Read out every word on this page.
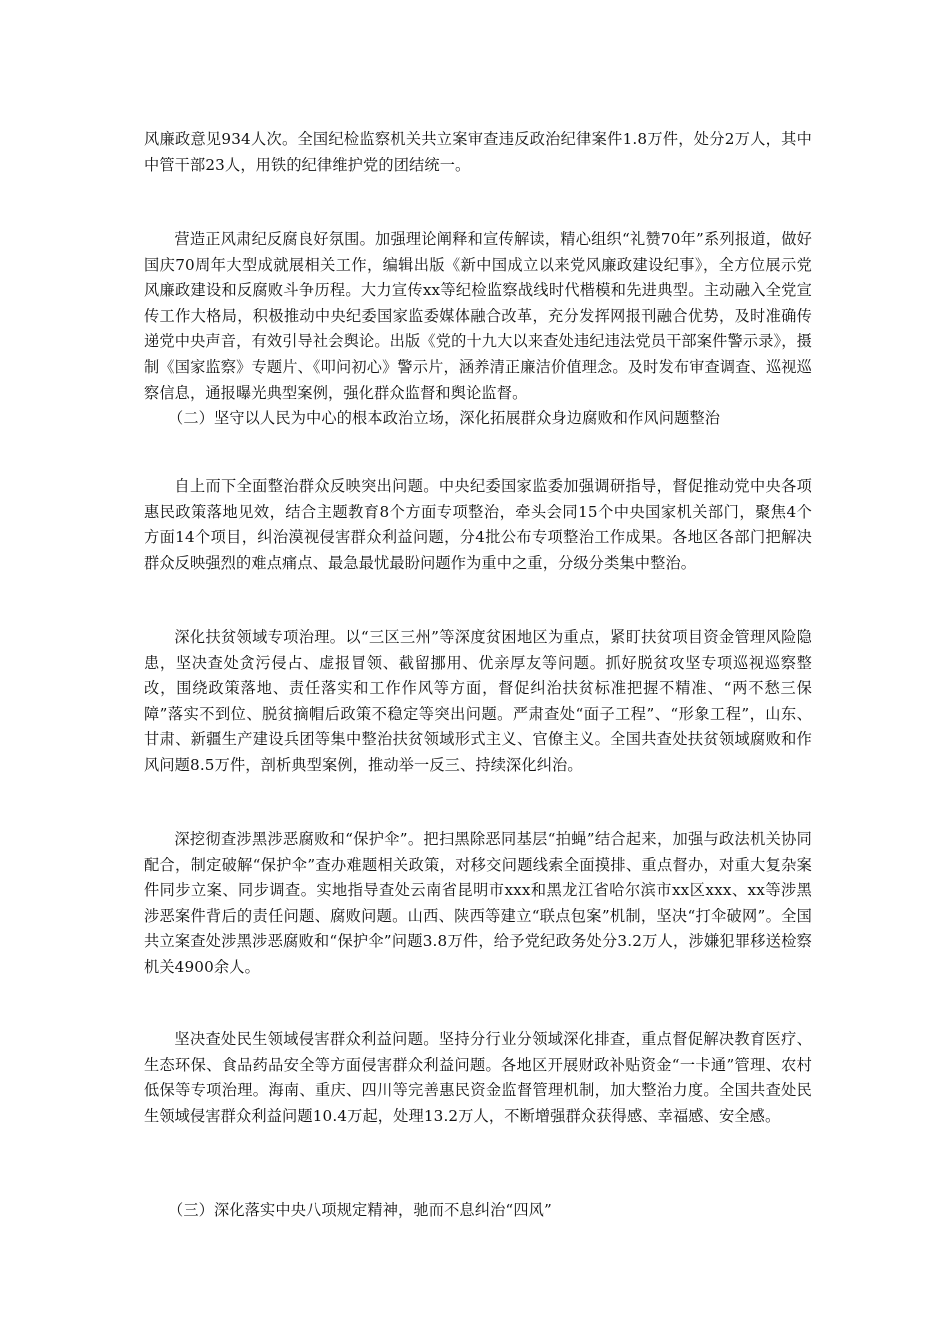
风廉政意见934人次。全国纪检监察机关共立案审查违反政治纪律案件1.8万件，处分2万人，其中中管干部23人，用铁的纪律维护党的团结统一。

营造正风肃纪反腐良好氛围。加强理论阐释和宣传解读，精心组织“礼赞70年”系列报道，做好国庆70周年大型成就展相关工作，编辑出版《新中国成立以来党风廉政建设纪事》，全方位展示党风廉政建设和反腐败斗争历程。大力宣传xx等纪检监察战线时代楷模和先进典型。主动融入全党宣传工作大格局，积极推动中央纪委国家监委媒体融合改革，充分发挥网报刊融合优势，及时准确传递党中央声音，有效引导社会舆论。出版《党的十九大以来查处违纪违法党员干部案件警示录》，摄制《国家监察》专题片、《叩问初心》警示片，涵养清正廉洁价值理念。及时发布审查调查、巡视巡察信息，通报曝光典型案例，强化群众监督和舆论监督。

（二）坚守以人民为中心的根本政治立场，深化拓展群众身边腐败和作风问题整治

自上而下全面整治群众反映突出问题。中央纪委国家监委加强调研指导，督促推动党中央各项惠民政策落地见效，结合主题教育8个方面专项整治，牵头会同15个中央国家机关部门，聚焦4个方面14个项目，纠治漠视侵害群众利益问题，分4批公布专项整治工作成果。各地区各部门把解决群众反映强烈的难点痛点、最急最忧最盼问题作为重中之重，分级分类集中整治。

深化扶贫领域专项治理。以“三区三州”等深度贫困地区为重点，紧盯扶贫项目资金管理风险隐患，坚决查处贪污侵占、虚报冒领、截留挪用、优亲厚友等问题。抓好脱贫攻坚专项巡视巡察整改，围绕政策落地、责任落实和工作作风等方面，督促纠治扶贫标准把握不精准、“两不愁三保障”落实不到位、脱贫摘帽后政策不稳定等突出问题。严肃查处“面子工程”、“形象工程”，山东、甘肃、新疆生产建设兵团等集中整治扶贫领域形式主义、官僚主义。全国共查处扶贫领域腐败和作风问题8.5万件，剖析典型案例，推动举一反三、持续深化纠治。

深挖彻查涉黑涉恶腐败和“保护伞”。把扫黑除恶同基层“拍蝇”结合起来，加强与政法机关协同配合，制定破解“保护伞”查办难题相关政策，对移交问题线索全面摸排、重点督办，对重大复杂案件同步立案、同步调查。实地指导查处云南省昆明市xxx和黑龙江省哈尔滨市xx区xxx、xx等涉黑涉恶案件背后的责任问题、腐败问题。山西、陕西等建立“联点包案”机制，坚决“打伞破网”。全国共立案查处涉黑涉恶腐败和“保护伞”问题3.8万件，给予党纪政务处分3.2万人，涉嫌犯罪移送检察机关4900余人。

坚决查处民生领域侵害群众利益问题。坚持分行业分领域深化排查，重点督促解决教育医疗、生态环保、食品药品安全等方面侵害群众利益问题。各地区开展财政补贴资金“一卡通”管理、农村低保等专项治理。海南、重庆、四川等完善惠民资金监督管理机制，加大整治力度。全国共查处民生领域侵害群众利益问题10.4万起，处理13.2万人，不断增强群众获得感、幸福感、安全感。

（三）深化落实中央八项规定精神，驰而不息纠治“四风”
